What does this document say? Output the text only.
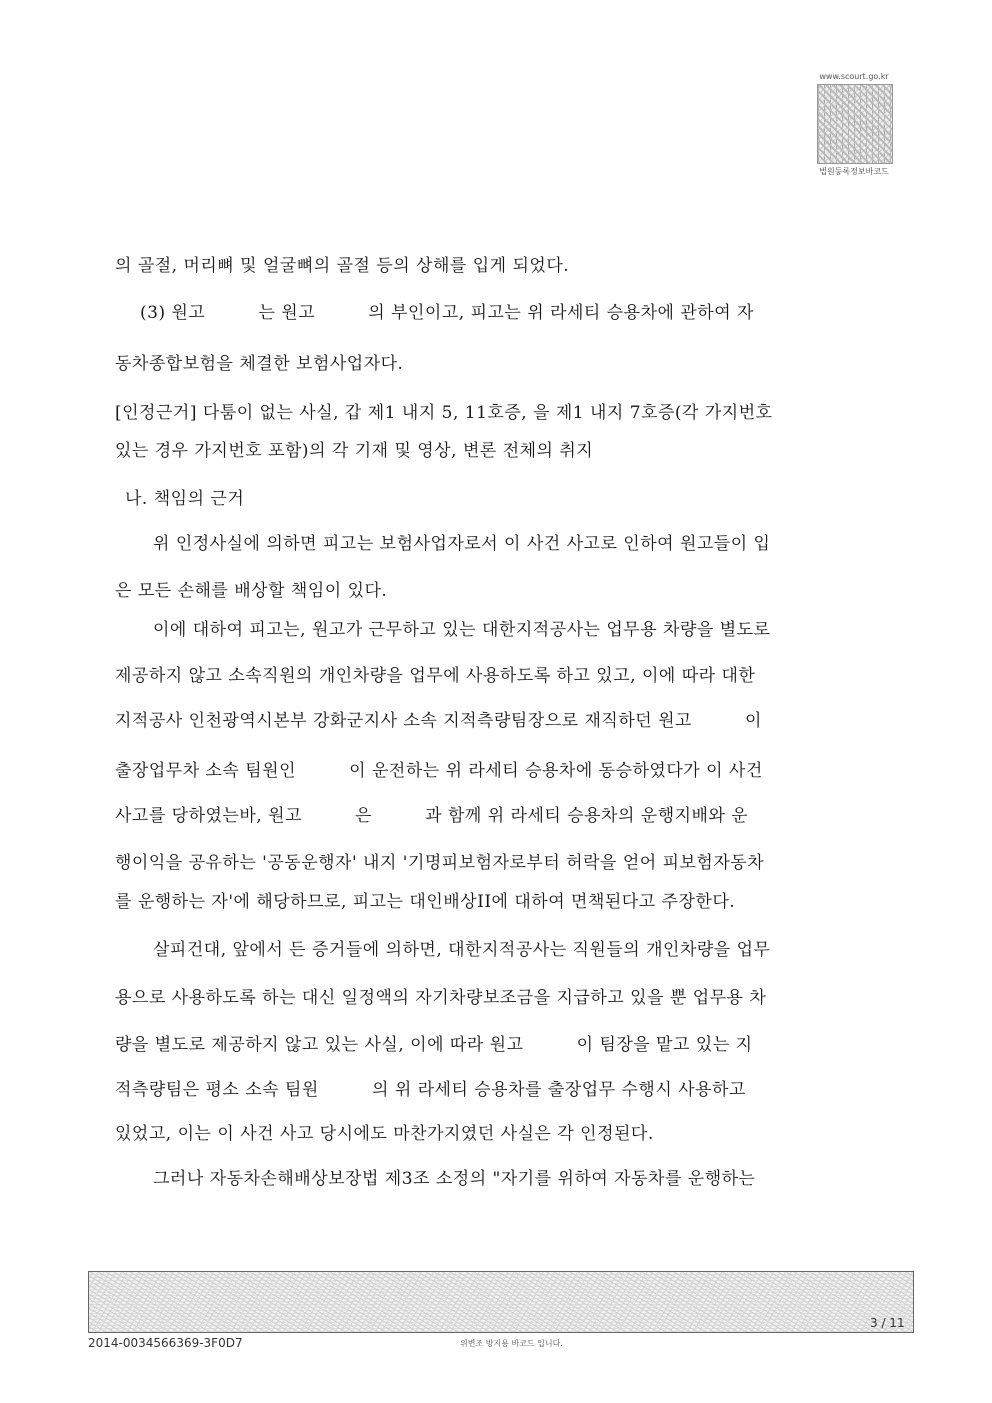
www.scourt.go.kr
법원등록정보바코드
의 골절, 머리뼈 및 얼굴뼈의 골절 등의 상해를 입게 되었다.
(3) 원고         는 원고         의 부인이고, 피고는 위 라세티 승용차에 관하여 자
동차종합보험을 체결한 보험사업자다.
[인정근거] 다툼이 없는 사실, 갑 제1 내지 5, 11호증, 을 제1 내지 7호증(각 가지번호
있는 경우 가지번호 포함)의 각 기재 및 영상, 변론 전체의 취지
나. 책임의 근거
위 인정사실에 의하면 피고는 보험사업자로서 이 사건 사고로 인하여 원고들이 입
은 모든 손해를 배상할 책임이 있다.
이에 대하여 피고는, 원고가 근무하고 있는 대한지적공사는 업무용 차량을 별도로
제공하지 않고 소속직원의 개인차량을 업무에 사용하도록 하고 있고, 이에 따라 대한
지적공사 인천광역시본부 강화군지사 소속 지적측량팀장으로 재직하던 원고         이
출장업무차 소속 팀원인         이 운전하는 위 라세티 승용차에 동승하였다가 이 사건
사고를 당하였는바, 원고         은         과 함께 위 라세티 승용차의 운행지배와 운
행이익을 공유하는 '공동운행자' 내지 '기명피보험자로부터 허락을 얻어 피보험자동차
를 운행하는 자'에 해당하므로, 피고는 대인배상II에 대하여 면책된다고 주장한다.
살피건대, 앞에서 든 증거들에 의하면, 대한지적공사는 직원들의 개인차량을 업무
용으로 사용하도록 하는 대신 일정액의 자기차량보조금을 지급하고 있을 뿐 업무용 차
량을 별도로 제공하지 않고 있는 사실, 이에 따라 원고         이 팀장을 맡고 있는 지
적측량팀은 평소 소속 팀원         의 위 라세티 승용차를 출장업무 수행시 사용하고
있었고, 이는 이 사건 사고 당시에도 마찬가지였던 사실은 각 인정된다.
그러나 자동차손해배상보장법 제3조 소정의 "자기를 위하여 자동차를 운행하는
3 / 11
2014-0034566369-3F0D7	위변조 방지용 바코드 입니다.
